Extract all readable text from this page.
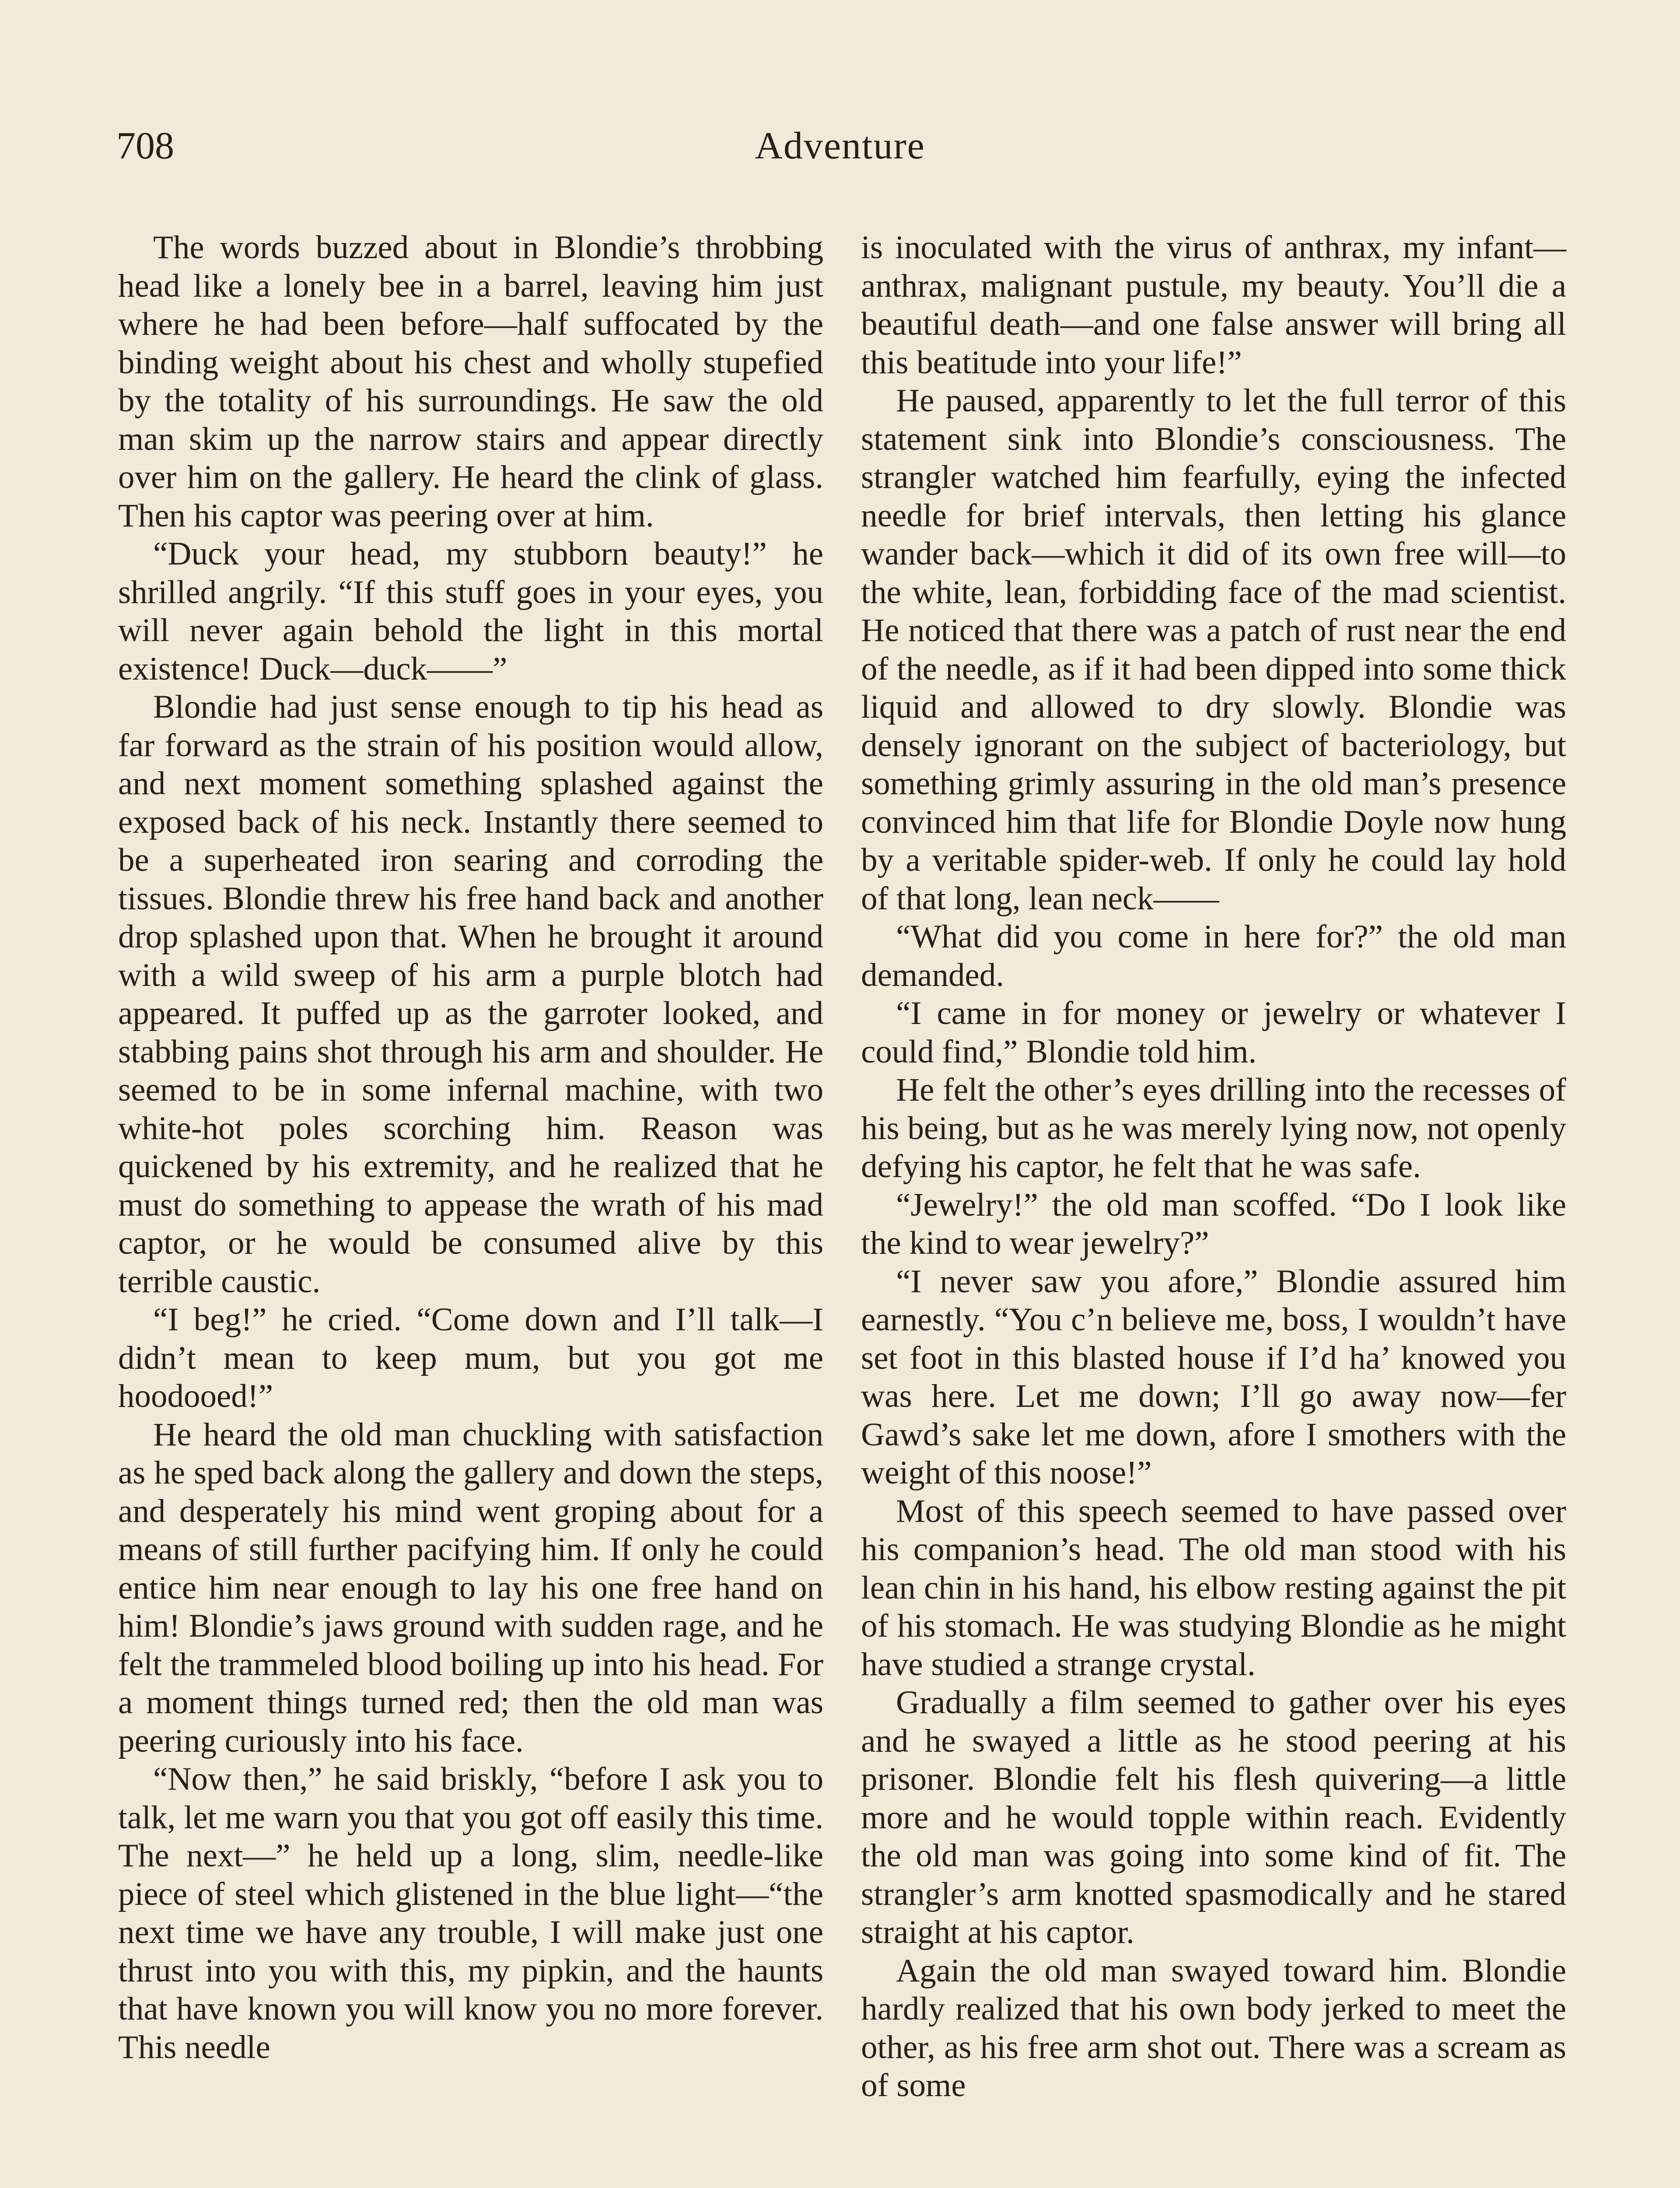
708	Adventure

The words buzzed about in Blondie’s throbbing head like a lonely bee in a barrel, leaving him just where he had been before—half suffocated by the binding weight about his chest and wholly stupefied by the totality of his surroundings. He saw the old man skim up the narrow stairs and appear directly over him on the gallery. He heard the clink of glass. Then his captor was peering over at him.

“Duck your head, my stubborn beauty!” he shrilled angrily. “If this stuff goes in your eyes, you will never again behold the light in this mortal existence! Duck—duck——”

Blondie had just sense enough to tip his head as far forward as the strain of his position would allow, and next moment something splashed against the exposed back of his neck. Instantly there seemed to be a superheated iron searing and corroding the tissues. Blondie threw his free hand back and another drop splashed upon that. When he brought it around with a wild sweep of his arm a purple blotch had appeared. It puffed up as the garroter looked, and stabbing pains shot through his arm and shoulder. He seemed to be in some infernal machine, with two white-hot poles scorching him. Reason was quickened by his extremity, and he realized that he must do something to appease the wrath of his mad captor, or he would be consumed alive by this terrible caustic.

“I beg!” he cried. “Come down and I’ll talk—I didn’t mean to keep mum, but you got me hoodooed!”

He heard the old man chuckling with satisfaction as he sped back along the gallery and down the steps, and desperately his mind went groping about for a means of still further pacifying him. If only he could entice him near enough to lay his one free hand on him! Blondie’s jaws ground with sudden rage, and he felt the trammeled blood boiling up into his head. For a moment things turned red; then the old man was peering curiously into his face.

“Now then,” he said briskly, “before I ask you to talk, let me warn you that you got off easily this time. The next—” he held up a long, slim, needle-like piece of steel which glistened in the blue light—“the next time we have any trouble, I will make just one thrust into you with this, my pipkin, and the haunts that have known you will know you no more forever. This needle

is inoculated with the virus of anthrax, my infant—anthrax, malignant pustule, my beauty. You’ll die a beautiful death—and one false answer will bring all this beatitude into your life!”

He paused, apparently to let the full terror of this statement sink into Blondie’s consciousness. The strangler watched him fearfully, eying the infected needle for brief intervals, then letting his glance wander back—which it did of its own free will—to the white, lean, forbidding face of the mad scientist. He noticed that there was a patch of rust near the end of the needle, as if it had been dipped into some thick liquid and allowed to dry slowly. Blondie was densely ignorant on the subject of bacteriology, but something grimly assuring in the old man’s presence convinced him that life for Blondie Doyle now hung by a veritable spider-web. If only he could lay hold of that long, lean neck——

“What did you come in here for?” the old man demanded.

“I came in for money or jewelry or whatever I could find,” Blondie told him.

He felt the other’s eyes drilling into the recesses of his being, but as he was merely lying now, not openly defying his captor, he felt that he was safe.

“Jewelry!” the old man scoffed. “Do I look like the kind to wear jewelry?”

“I never saw you afore,” Blondie assured him earnestly. “You c’n believe me, boss, I wouldn’t have set foot in this blasted house if I’d ha’ knowed you was here. Let me down; I’ll go away now—fer Gawd’s sake let me down, afore I smothers with the weight of this noose!”

Most of this speech seemed to have passed over his companion’s head. The old man stood with his lean chin in his hand, his elbow resting against the pit of his stomach. He was studying Blondie as he might have studied a strange crystal.

Gradually a film seemed to gather over his eyes and he swayed a little as he stood peering at his prisoner. Blondie felt his flesh quivering—a little more and he would topple within reach. Evidently the old man was going into some kind of fit. The strangler’s arm knotted spasmodically and he stared straight at his captor.

Again the old man swayed toward him. Blondie hardly realized that his own body jerked to meet the other, as his free arm shot out. There was a scream as of some
